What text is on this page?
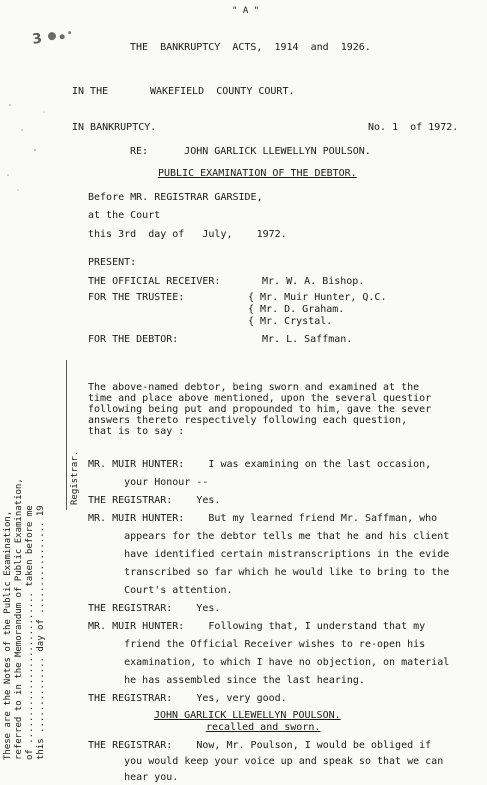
3
" A "
THE  BANKRUPTCY  ACTS,  1914  and  1926.
IN THE	WAKEFIELD  COUNTY COURT.
IN BANKRUPTCY.	No. 1  of 1972.
RE:      JOHN GARLICK LLEWELLYN POULSON.
PUBLIC EXAMINATION OF THE DEBTOR.
Before MR. REGISTRAR GARSIDE,
at the Court
this 3rd  day of   July,    1972.
PRESENT:
THE OFFICIAL RECEIVER:	Mr. W. A. Bishop.
FOR THE TRUSTEE:	{ Mr. Muir Hunter, Q.C.
{ Mr. D. Graham.
{ Mr. Crystal.
FOR THE DEBTOR:	Mr. L. Saffman.
Registrar.
These are the Notes of the Public Examination, referred to in the Memorandum of Public Examination, of ............................ taken before me this .............. day of ................. 19
The above-named debtor, being sworn and examined at the
time and place above mentioned, upon the several questior
following being put and propounded to him, gave the sever
answers thereto respectively following each question,
that is to say :
MR. MUIR HUNTER:    I was examining on the last occasion,
your Honour --
THE REGISTRAR:    Yes.
MR. MUIR HUNTER:    But my learned friend Mr. Saffman, who
appears for the debtor tells me that he and his client
have identified certain mistranscriptions in the evide
transcribed so far which he would like to bring to the
Court's attention.
THE REGISTRAR:    Yes.
MR. MUIR HUNTER:    Following that, I understand that my
friend the Official Receiver wishes to re-open his
examination, to which I have no objection, on material
he has assembled since the last hearing.
THE REGISTRAR:    Yes, very good.
JOHN GARLICK LLEWELLYN POULSON.
recalled and sworn.
THE REGISTRAR:    Now, Mr. Poulson, I would be obliged if
you would keep your voice up and speak so that we can
hear you.
